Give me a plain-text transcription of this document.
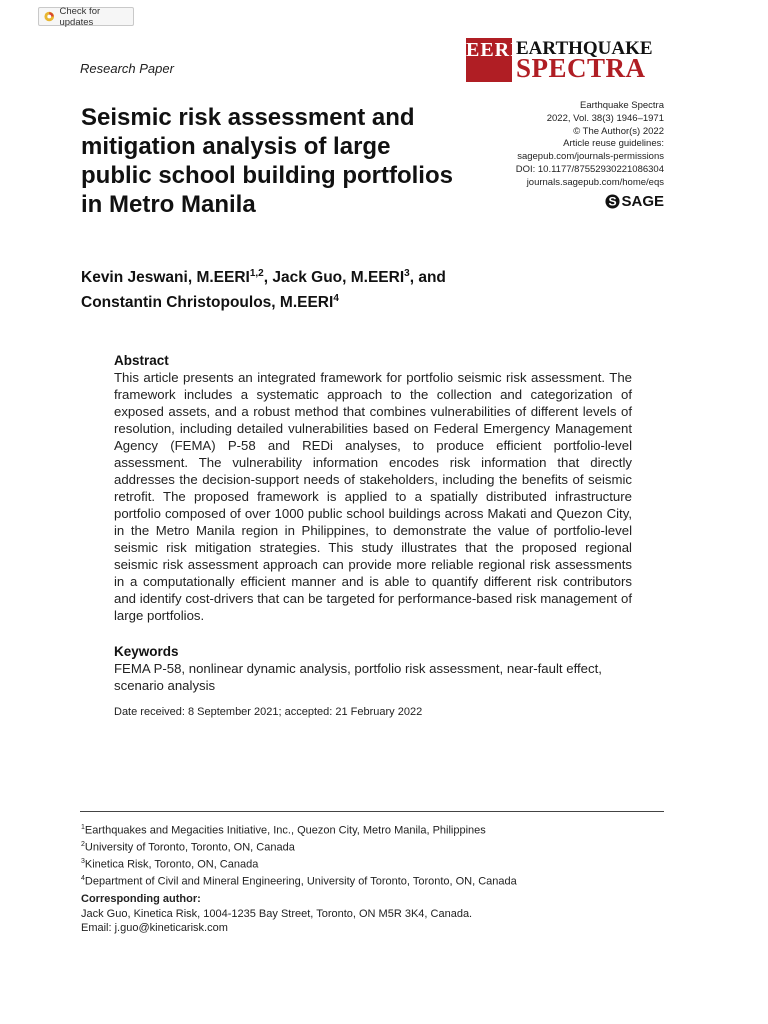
Check for updates
Research Paper
EERI
EARTHQUAKE
SPECTRA
Seismic risk assessment and mitigation analysis of large public school building portfolios in Metro Manila
Earthquake Spectra
2022, Vol. 38(3) 1946–1971
© The Author(s) 2022
Article reuse guidelines:
sagepub.com/journals-permissions
DOI: 10.1177/87552930221086304
journals.sagepub.com/home/eqs
S SAGE
Kevin Jeswani, M.EERI$^{1,2}$, Jack Guo, M.EERI$^3$, and
Constantin Christopoulos, M.EERI$^4$
Abstract

This article presents an integrated framework for portfolio seismic risk assessment. The framework includes a systematic approach to the collection and categorization of exposed assets, and a robust method that combines vulnerabilities of different levels of resolution, including detailed vulnerabilities based on Federal Emergency Management Agency (FEMA) P-58 and REDi analyses, to produce efficient portfolio-level assessment. The vulnerability information encodes risk information that directly addresses the decision-support needs of stakeholders, including the benefits of seismic retrofit. The proposed framework is applied to a spatially distributed infrastructure portfolio composed of over 1000 public school buildings across Makati and Quezon City, in the Metro Manila region in Philippines, to demonstrate the value of portfolio-level seismic risk mitigation strategies. This study illustrates that the proposed regional seismic risk assessment approach can provide more reliable regional risk assessments in a computationally efficient manner and is able to quantify different risk contributors and identify cost-drivers that can be targeted for performance-based risk management of large portfolios.

Keywords

FEMA P-58, nonlinear dynamic analysis, portfolio risk assessment, near-fault effect, scenario analysis

Date received: 8 September 2021; accepted: 21 February 2022
$^1$Earthquakes and Megacities Initiative, Inc., Quezon City, Metro Manila, Philippines
$^2$University of Toronto, Toronto, ON, Canada
$^3$Kinetica Risk, Toronto, ON, Canada
$^4$Department of Civil and Mineral Engineering, University of Toronto, Toronto, ON, Canada
Corresponding author:
Jack Guo, Kinetica Risk, 1004-1235 Bay Street, Toronto, ON M5R 3K4, Canada.
Email: j.guo@kineticarisk.com
